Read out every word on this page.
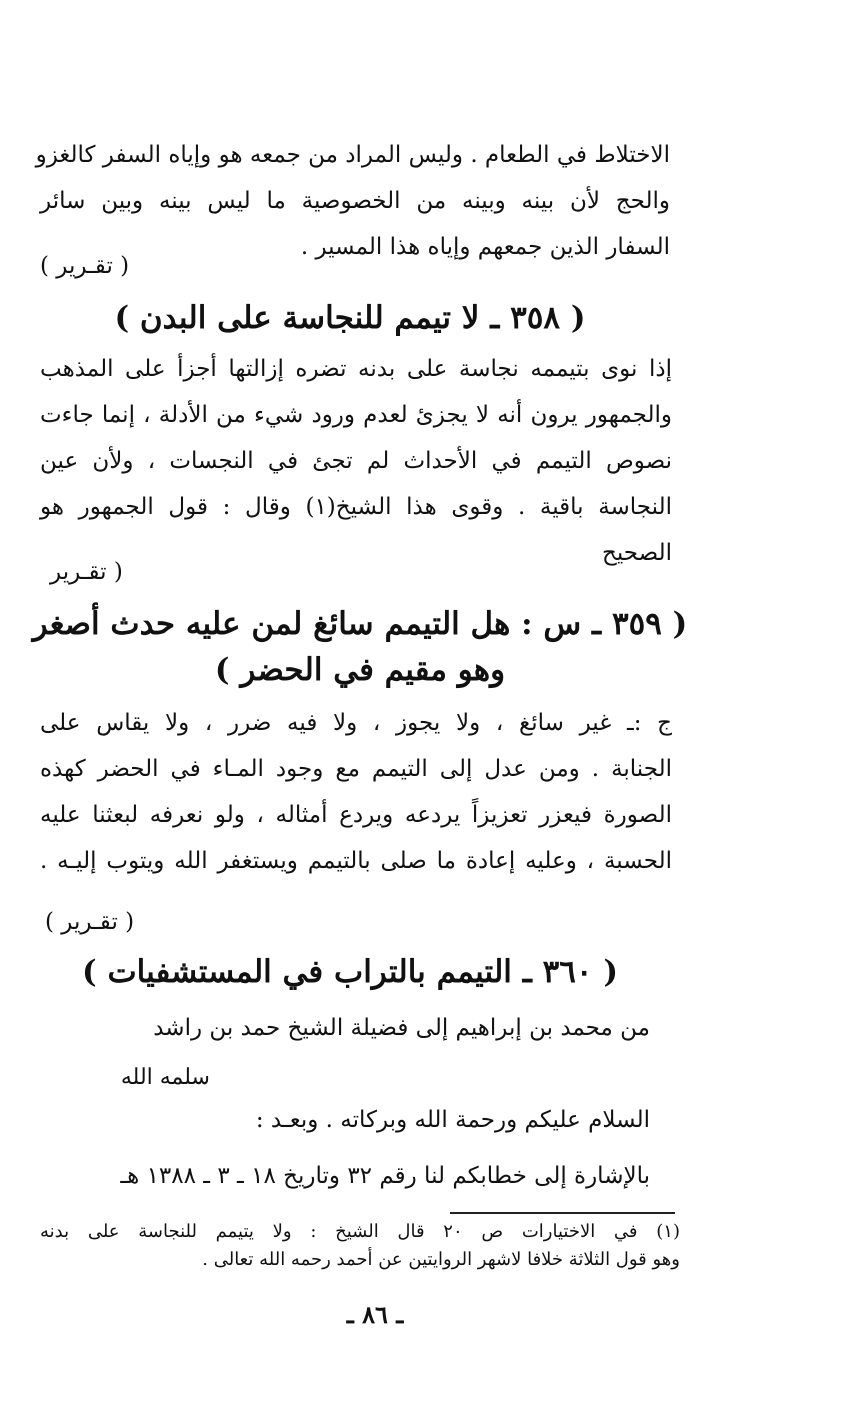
الاختلاط في الطعام . وليس المراد من جمعه هو وإياه السفر كالغزو
والحج لأن بينه وبينه من الخصوصية ما ليس بينه وبين سائر
السفار الذين جمعهم وإياه هذا المسير .
( تقـرير )
( ٣٥٨ ـ لا تيمم للنجاسة على البدن )
إذا نوى بتيممه نجاسة على بدنه تضره إزالتها أجزأ على المذهب
والجمهور يرون أنه لا يجزئ لعدم ورود شيء من الأدلة ، إنما جاءت
نصوص التيمم في الأحداث لم تجئ في النجسات ، ولأن عين
النجاسة باقية . وقوى هذا الشيخ(١) وقال : قول الجمهور هو
الصحيح
( تقـرير
( ٣٥٩ ـ س : هل التيمم سائغ لمن عليه حدث أصغر
وهو مقيم في الحضر )
ج :ـ غير سائغ ، ولا يجوز ، ولا فيه ضرر ، ولا يقاس على
الجنابة . ومن عدل إلى التيمم مع وجود المـاء في الحضر كهذه
الصورة فيعزر تعزيزاً يردعه ويردع أمثاله ، ولو نعرفه لبعثنا عليه
الحسبة ، وعليه إعادة ما صلى بالتيمم ويستغفر الله ويتوب إليـه .
( تقـرير )
( ٣٦٠ ـ التيمم بالتراب في المستشفيات )
من محمد بن إبراهيم إلى فضيلة الشيخ حمد بن راشد
سلمه الله
السلام عليكم ورحمة الله وبركاته . وبعـد :
بالإشارة إلى خطابكم لنا رقم ٣٢ وتاريخ ١٨ ـ ٣ ـ ١٣٨٨ هـ
(١) في الاختيارات ص ٢٠ قال الشيخ : ولا يتيمم للنجاسة على بدنه
وهو قول الثلاثة خلافا لاشهر الروايتين عن أحمد رحمه الله تعالى .
ـ ٨٦ ـ
